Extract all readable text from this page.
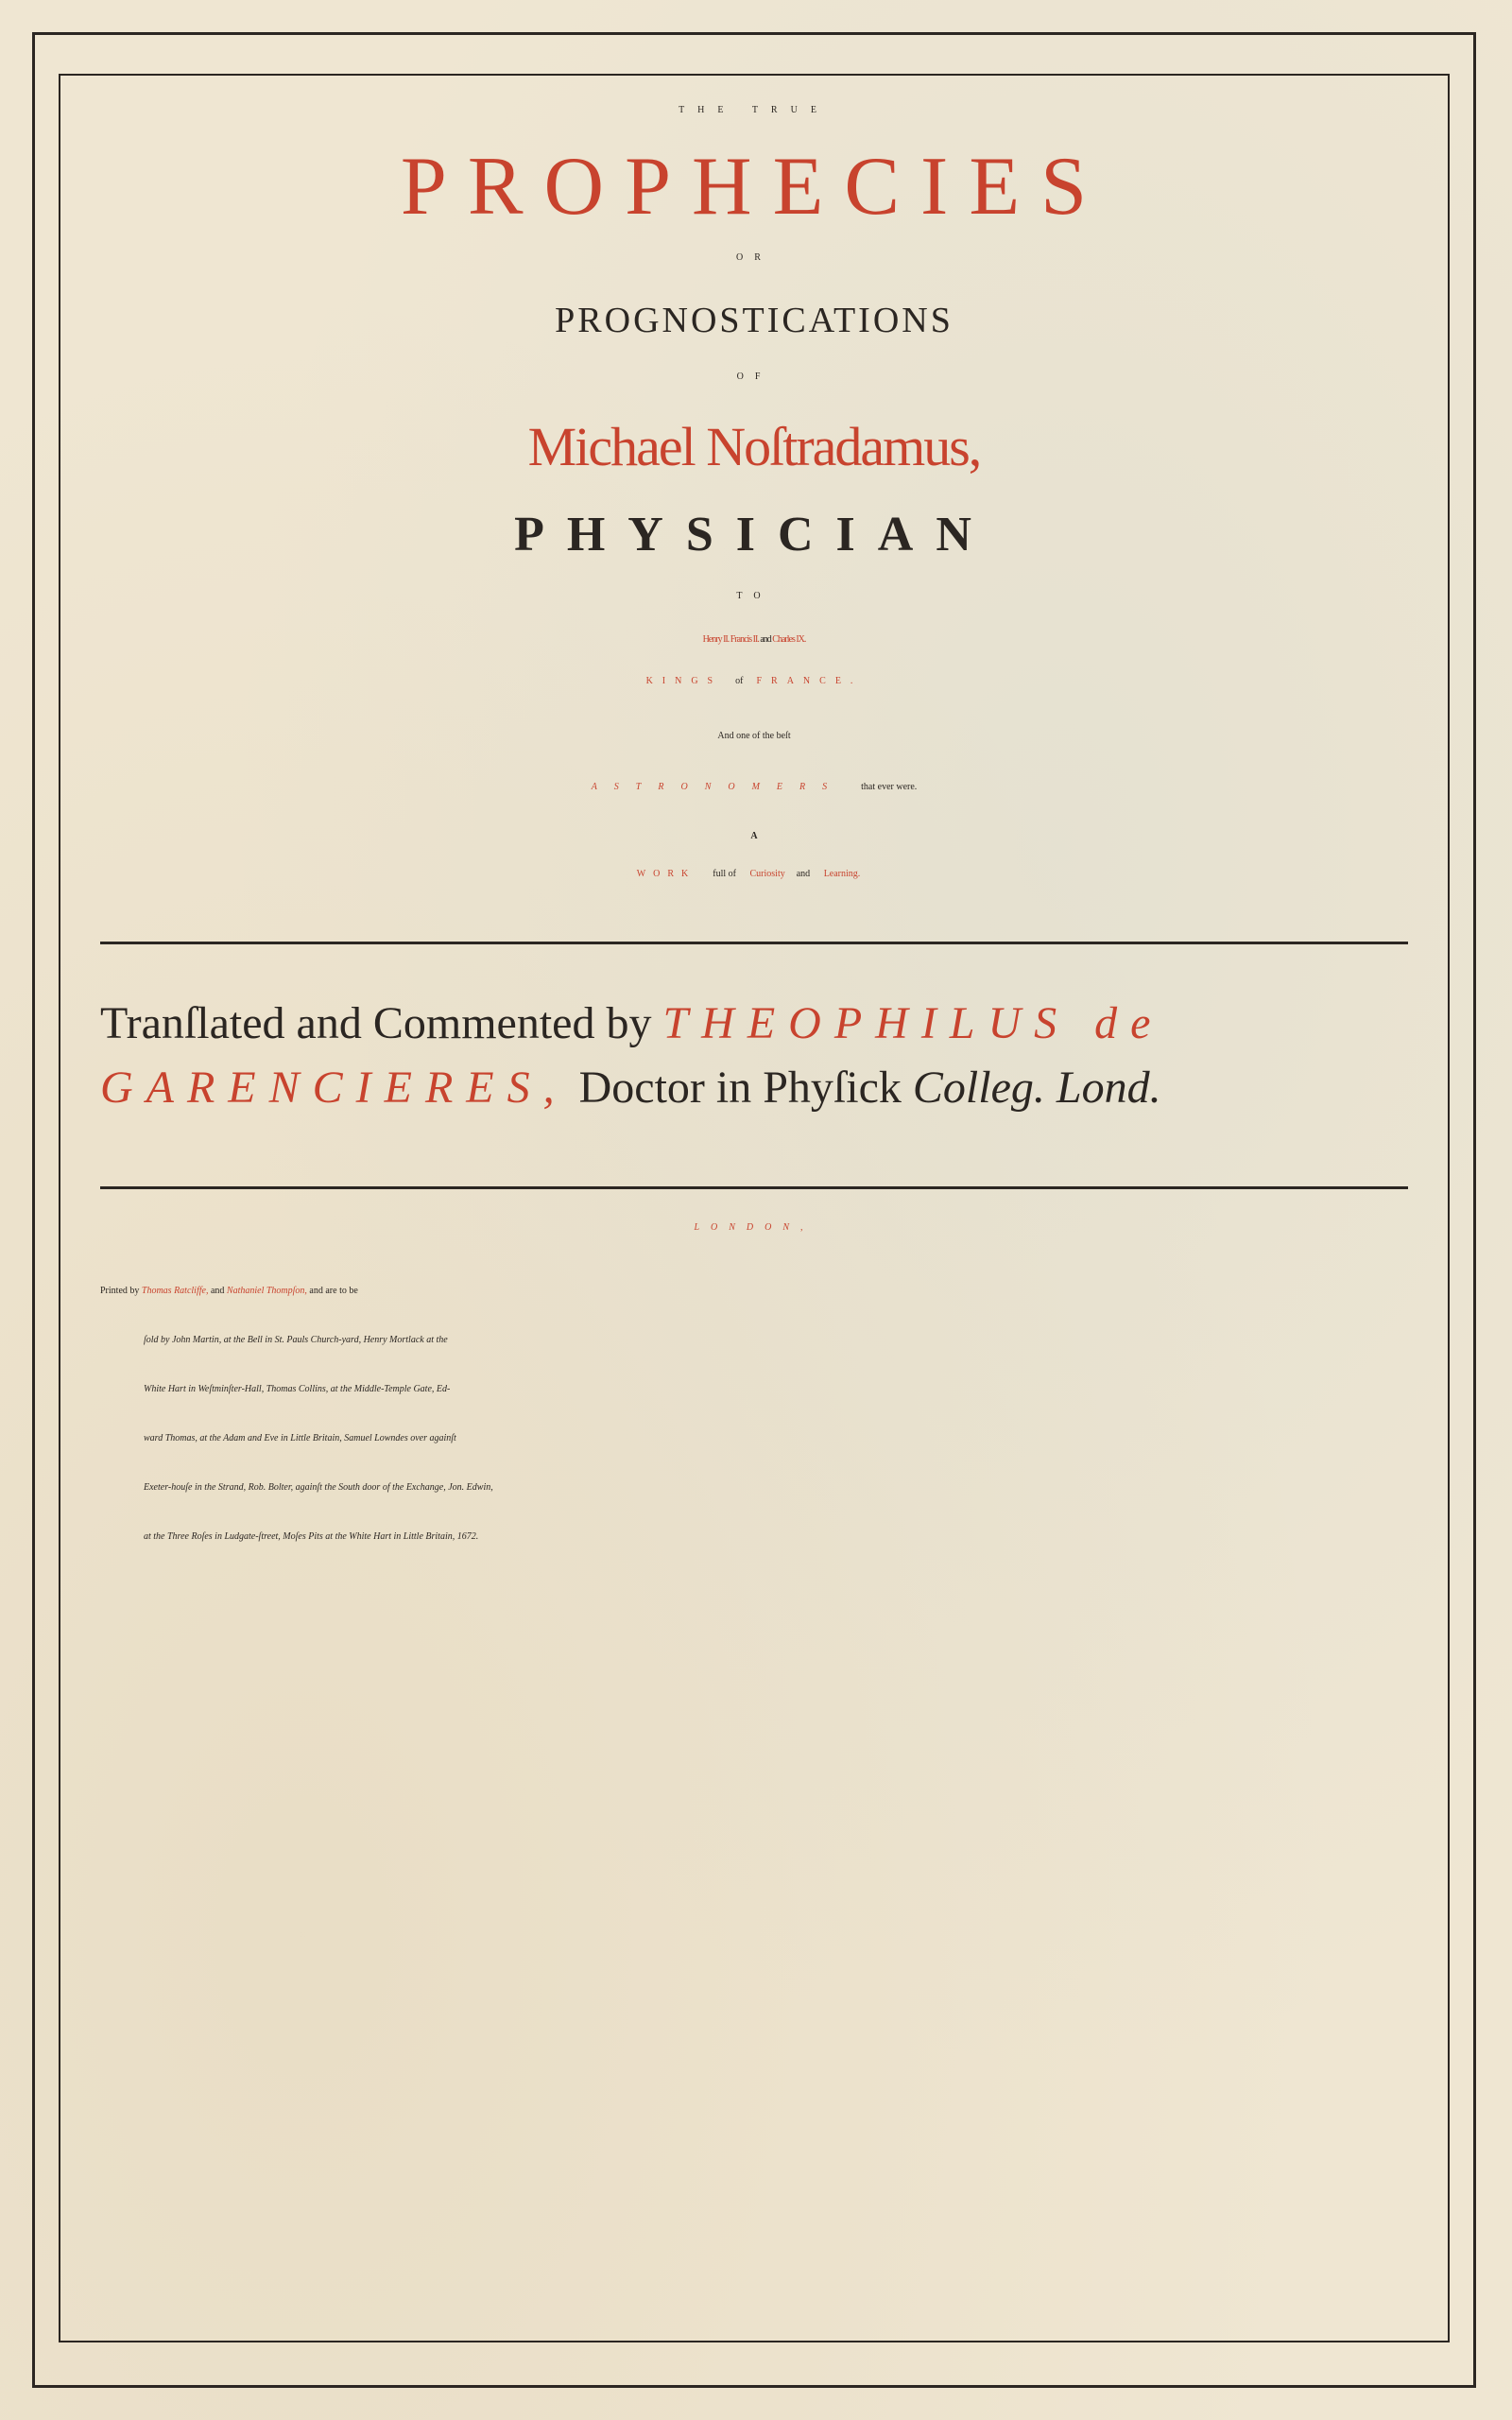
THE TRUE
PROPHECIES
OR
PROGNOSTICATIONS
OF
Michael Noſtradamus,
PHYSICIAN
TO
Henry II. Francis II. and Charles IX.
KINGS of FRANCE.
And one of the beſt
ASTRONOMERS that ever were.
A
WORK full of Curiosity and Learning.
Tranſlated and Commented by THEOPHILUS de
GARENCIERES, Doctor in Phyſick Colleg. Lond.
LONDON,
Printed by Thomas Ratcliffe, and Nathaniel Thompſon, and are to be
ſold by John Martin, at the Bell in St. Pauls Church-yard, Henry Mortlack at the
White Hart in Weſtminſter-Hall, Thomas Collins, at the Middle-Temple Gate, Ed-
ward Thomas, at the Adam and Eve in Little Britain, Samuel Lowndes over againſt
Exeter-houſe in the Strand, Rob. Bolter, againſt the South door of the Exchange, Jon. Edwin,
at the Three Roſes in Ludgate-ſtreet, Moſes Pits at the White Hart in Little Britain, 1672.
